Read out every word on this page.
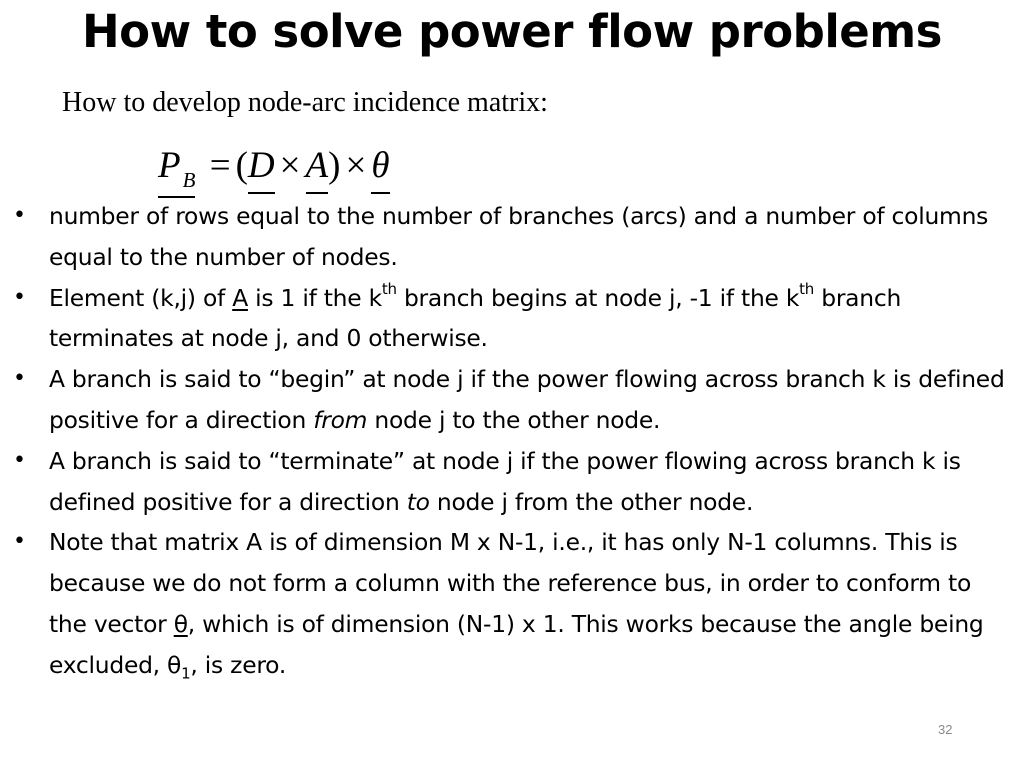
How to solve power flow problems
How to develop node-arc incidence matrix:
$P_B = (D \times A$
) × θ
• number of rows equal to the number of branches (arcs) and a number of columns equal to the number of nodes.
• Element (k,j) of A is 1 if the $k^{th}$ branch begins at node j, -1 if the $k^{th}$ branch terminates at node j, and 0 otherwise.
• A branch is said to “begin” at node j if the power flowing across branch k is defined positive for a direction from node j to the other node.
• A branch is said to “terminate” at node j if the power flowing across branch k is defined positive for a direction to node j from the other node.
• Note that matrix A is of dimension M x N-1, i.e., it has only N-1 columns. This is because we do not form a column with the reference bus, in order to conform to the vector θ, which is of dimension (N-1) x 1. This works because the angle being excluded, $\theta_1$, is zero.
32
